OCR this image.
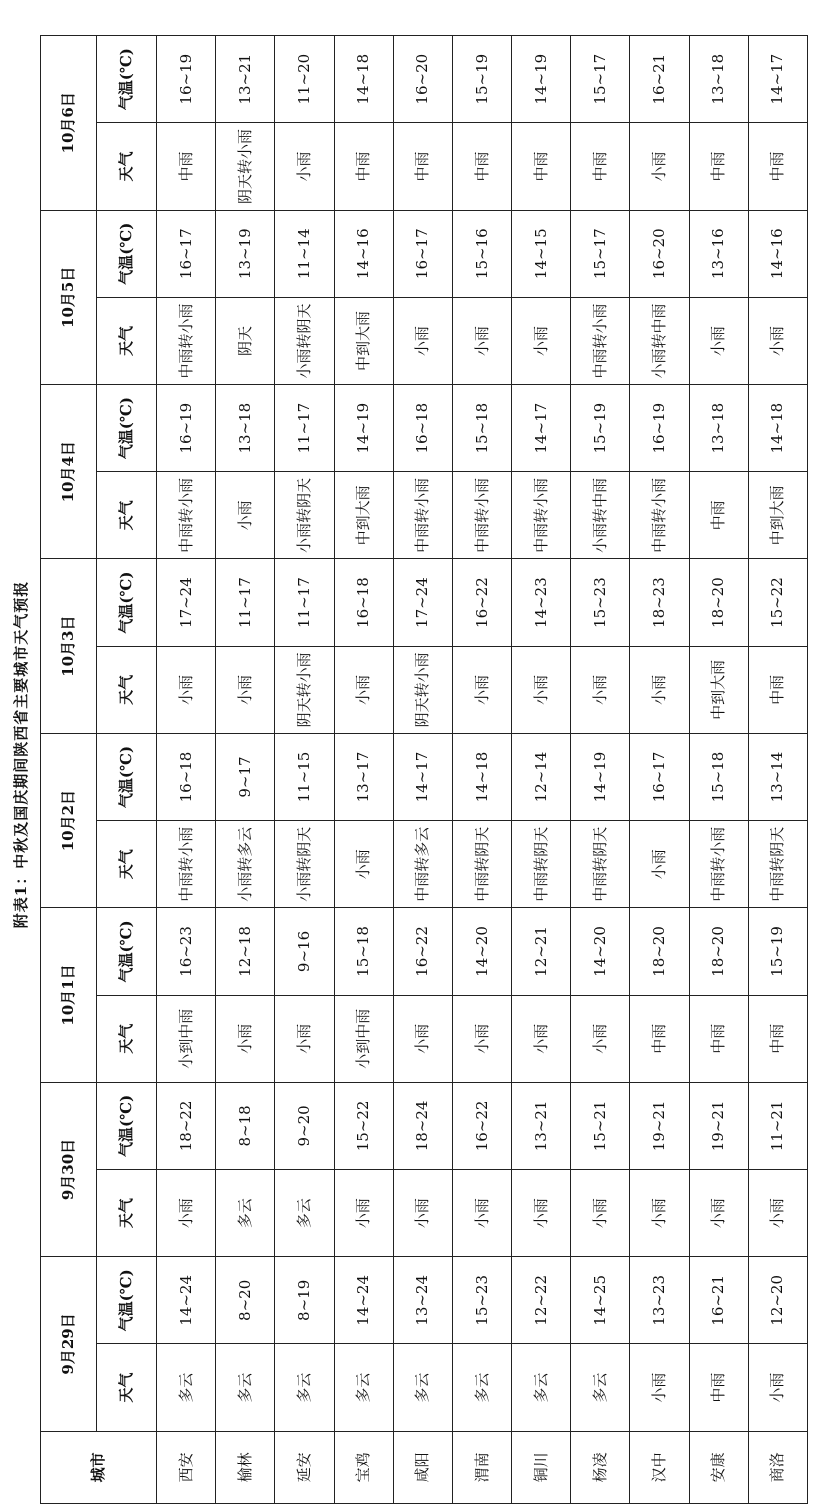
附表1：中秋及国庆期间陕西省主要城市天气预报
城市	9月29日		9月30日		10月1日		10月2日		10月3日		10月4日		10月5日		10月6日	
	天气	气温(℃)	天气	气温(℃)	天气	气温(℃)	天气	气温(℃)	天气	气温(℃)	天气	气温(℃)	天气	气温(℃)	天气	气温(℃)
西安	多云	14~24	小雨	18~22	小到中雨	16~23	中雨转小雨	16~18	小雨	17~24	中雨转小雨	16~19	中雨转小雨	16~17	中雨	16~19
榆林	多云	8~20	多云	8~18	小雨	12~18	小雨转多云	9~17	小雨	11~17	小雨	13~18	阴天	13~19	阴天转小雨	13~21
延安	多云	8~19	多云	9~20	小雨	9~16	小雨转阴天	11~15	阴天转小雨	11~17	小雨转阴天	11~17	小雨转阴天	11~14	小雨	11~20
宝鸡	多云	14~24	小雨	15~22	小到中雨	15~18	小雨	13~17	小雨	16~18	中到大雨	14~19	中到大雨	14~16	中雨	14~18
咸阳	多云	13~24	小雨	18~24	小雨	16~22	中雨转多云	14~17	阴天转小雨	17~24	中雨转小雨	16~18	小雨	16~17	中雨	16~20
渭南	多云	15~23	小雨	16~22	小雨	14~20	中雨转阴天	14~18	小雨	16~22	中雨转小雨	15~18	小雨	15~16	中雨	15~19
铜川	多云	12~22	小雨	13~21	小雨	12~21	中雨转阴天	12~14	小雨	14~23	中雨转小雨	14~17	小雨	14~15	中雨	14~19
杨凌	多云	14~25	小雨	15~21	小雨	14~20	中雨转阴天	14~19	小雨	15~23	小雨转中雨	15~19	中雨转小雨	15~17	中雨	15~17
汉中	小雨	13~23	小雨	19~21	中雨	18~20	小雨	16~17	小雨	18~23	中雨转小雨	16~19	小雨转中雨	16~20	小雨	16~21
安康	中雨	16~21	小雨	19~21	中雨	18~20	中雨转小雨	15~18	中到大雨	18~20	中雨	13~18	小雨	13~16	中雨	13~18
商洛	小雨	12~20	小雨	11~21	中雨	15~19	中雨转阴天	13~14	中雨	15~22	中到大雨	14~18	小雨	14~16	中雨	14~17
